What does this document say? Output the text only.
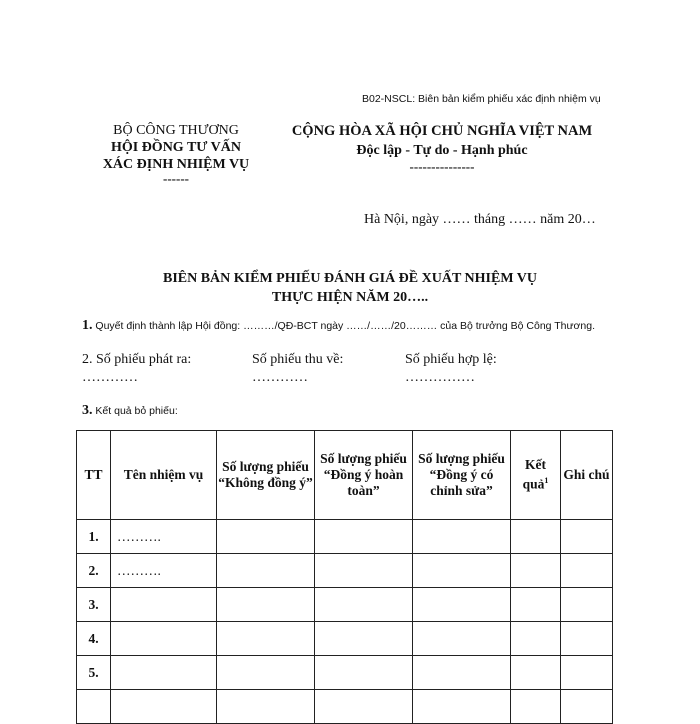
B02-NSCL: Biên bản kiểm phiếu xác định nhiệm vụ
BỘ CÔNG THƯƠNG
HỘI ĐỒNG TƯ VẤN
XÁC ĐỊNH NHIỆM VỤ
------
CỘNG HÒA XÃ HỘI CHỦ NGHĨA VIỆT NAM
Độc lập - Tự do - Hạnh phúc
---------------
Hà Nội, ngày …… tháng …… năm 20…
BIÊN BẢN KIỂM PHIẾU ĐÁNH GIÁ ĐỀ XUẤT NHIỆM VỤ
THỰC HIỆN NĂM 20…..
1. Quyết định thành lập Hội đồng: ………/QĐ-BCT ngày ……/……/20……… của Bộ trưởng Bộ Công Thương.
2. Số phiếu phát ra:
…………
Số phiếu thu về:
…………
Số phiếu hợp lệ:
……………
3. Kết quả bỏ phiếu:
TT	Tên nhiệm vụ	Số lượng phiếu “Không đồng ý”	Số lượng phiếu “Đồng ý hoàn toàn”	Số lượng phiếu “Đồng ý có chỉnh sửa”	Kết quả$^1$	Ghi chú
1.	……….					
2.	……….					
3.						
4.						
5.						
